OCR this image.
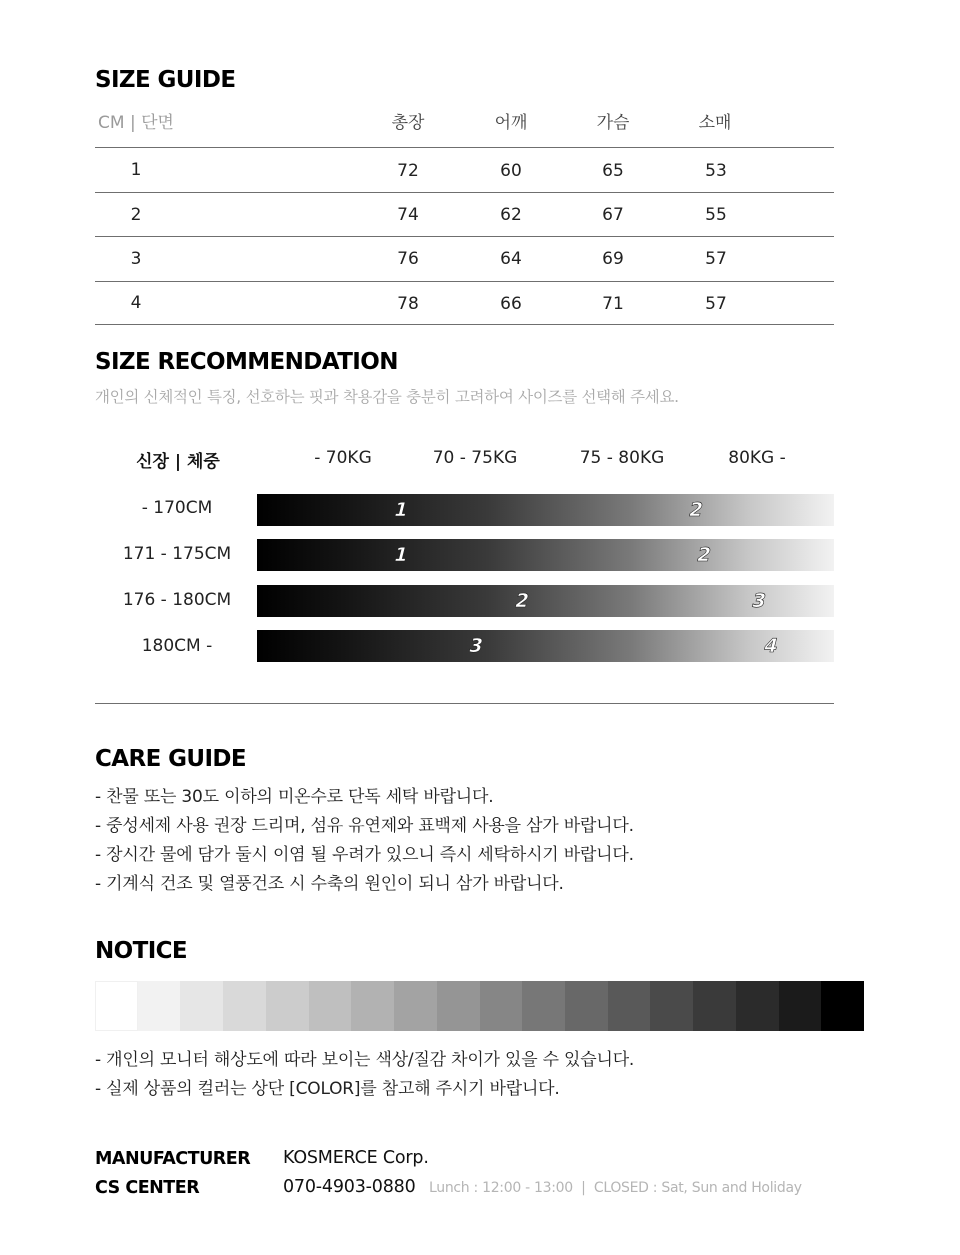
SIZE GUIDE
CM | 단면	총장	어깨	가슴	소매
1	72	60	65	53
2	74	62	67	55
3	76	64	69	57
4	78	66	71	57
SIZE RECOMMENDATION
개인의 신체적인 특징, 선호하는 핏과 착용감을 충분히 고려하여 사이즈를 선택해 주세요.
신장 | 체중	- 70KG	70 - 75KG	75 - 80KG	80KG -
- 170CM	1	2
171 - 175CM	1	2
176 - 180CM	2	3
180CM -	3	4
CARE GUIDE
- 찬물 또는 30도 이하의 미온수로 단독 세탁 바랍니다.
- 중성세제 사용 권장 드리며, 섬유 유연제와 표백제 사용을 삼가 바랍니다.
- 장시간 물에 담가 둘시 이염 될 우려가 있으니 즉시 세탁하시기 바랍니다.
- 기계식 건조 및 열풍건조 시 수축의 원인이 되니 삼가 바랍니다.
NOTICE
- 개인의 모니터 해상도에 따라 보이는 색상/질감 차이가 있을 수 있습니다.
- 실제 상품의 컬러는 상단 [COLOR]를 참고해 주시기 바랍니다.
MANUFACTURER KOSMERCE Corp.
CS CENTER	070-4903-0880 Lunch : 12:00 - 13:00  |  CLOSED : Sat, Sun and Holiday
